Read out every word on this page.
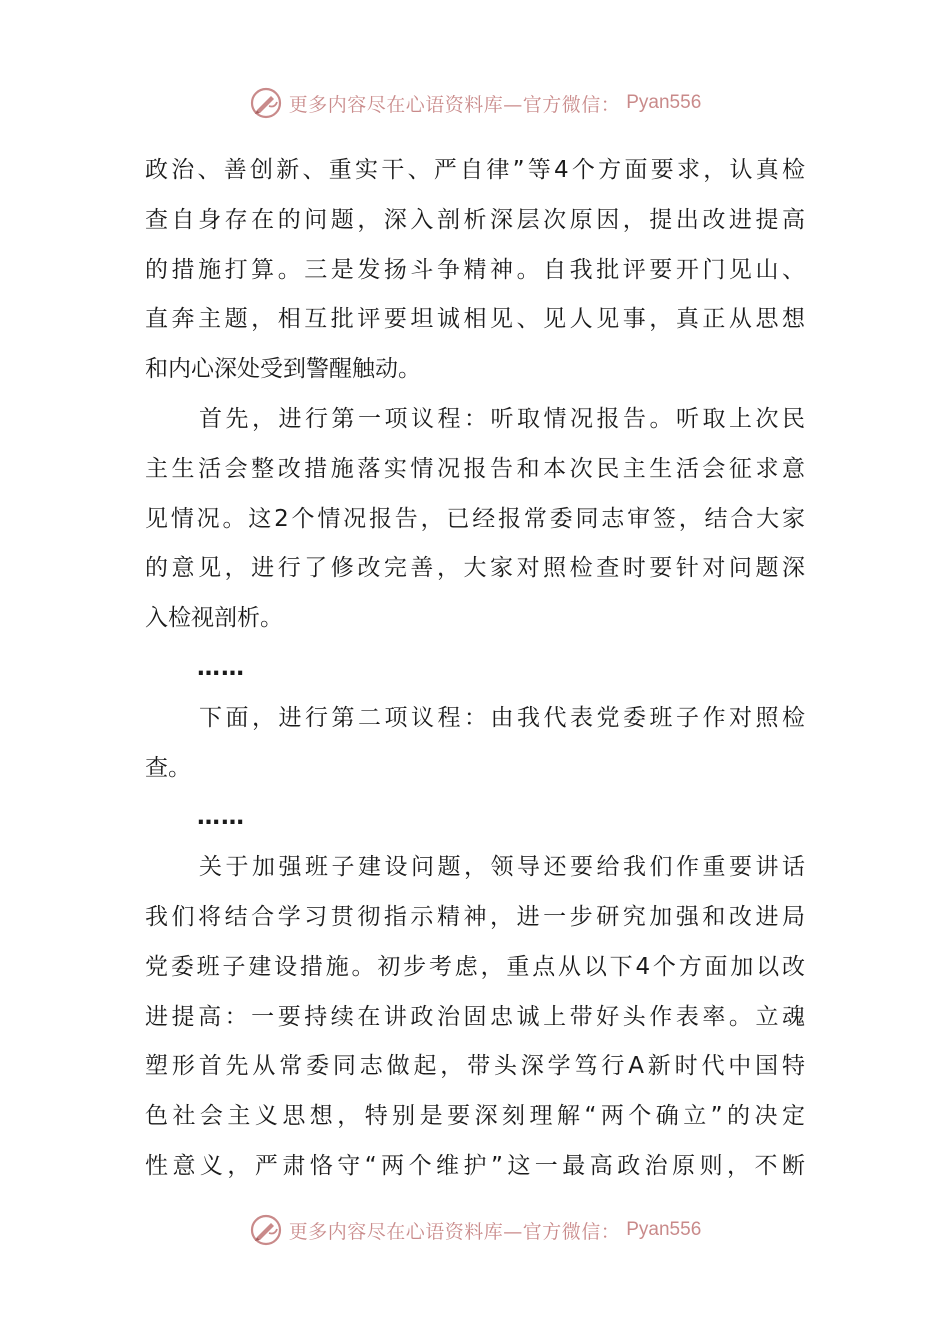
更多内容尽在心语资料库—官方微信： Pyan556
政治、善创新、重实干、严自律”等4个方面要求，认真检
查自身存在的问题，深入剖析深层次原因，提出改进提高
的措施打算。三是发扬斗争精神。自我批评要开门见山、
直奔主题，相互批评要坦诚相见、见人见事，真正从思想
和内心深处受到警醒触动。
首先，进行第一项议程：听取情况报告。听取上次民
主生活会整改措施落实情况报告和本次民主生活会征求意
见情况。这2个情况报告，已经报常委同志审签，结合大家
的意见，进行了修改完善，大家对照检查时要针对问题深
入检视剖析。
……
下面，进行第二项议程：由我代表党委班子作对照检
查。
……
关于加强班子建设问题，领导还要给我们作重要讲话
我们将结合学习贯彻指示精神，进一步研究加强和改进局
党委班子建设措施。初步考虑，重点从以下4个方面加以改
进提高：一要持续在讲政治固忠诚上带好头作表率。立魂
塑形首先从常委同志做起，带头深学笃行A新时代中国特
色社会主义思想，特别是要深刻理解“两个确立”的决定
性意义，严肃恪守“两个维护”这一最高政治原则，不断
更多内容尽在心语资料库—官方微信： Pyan556
